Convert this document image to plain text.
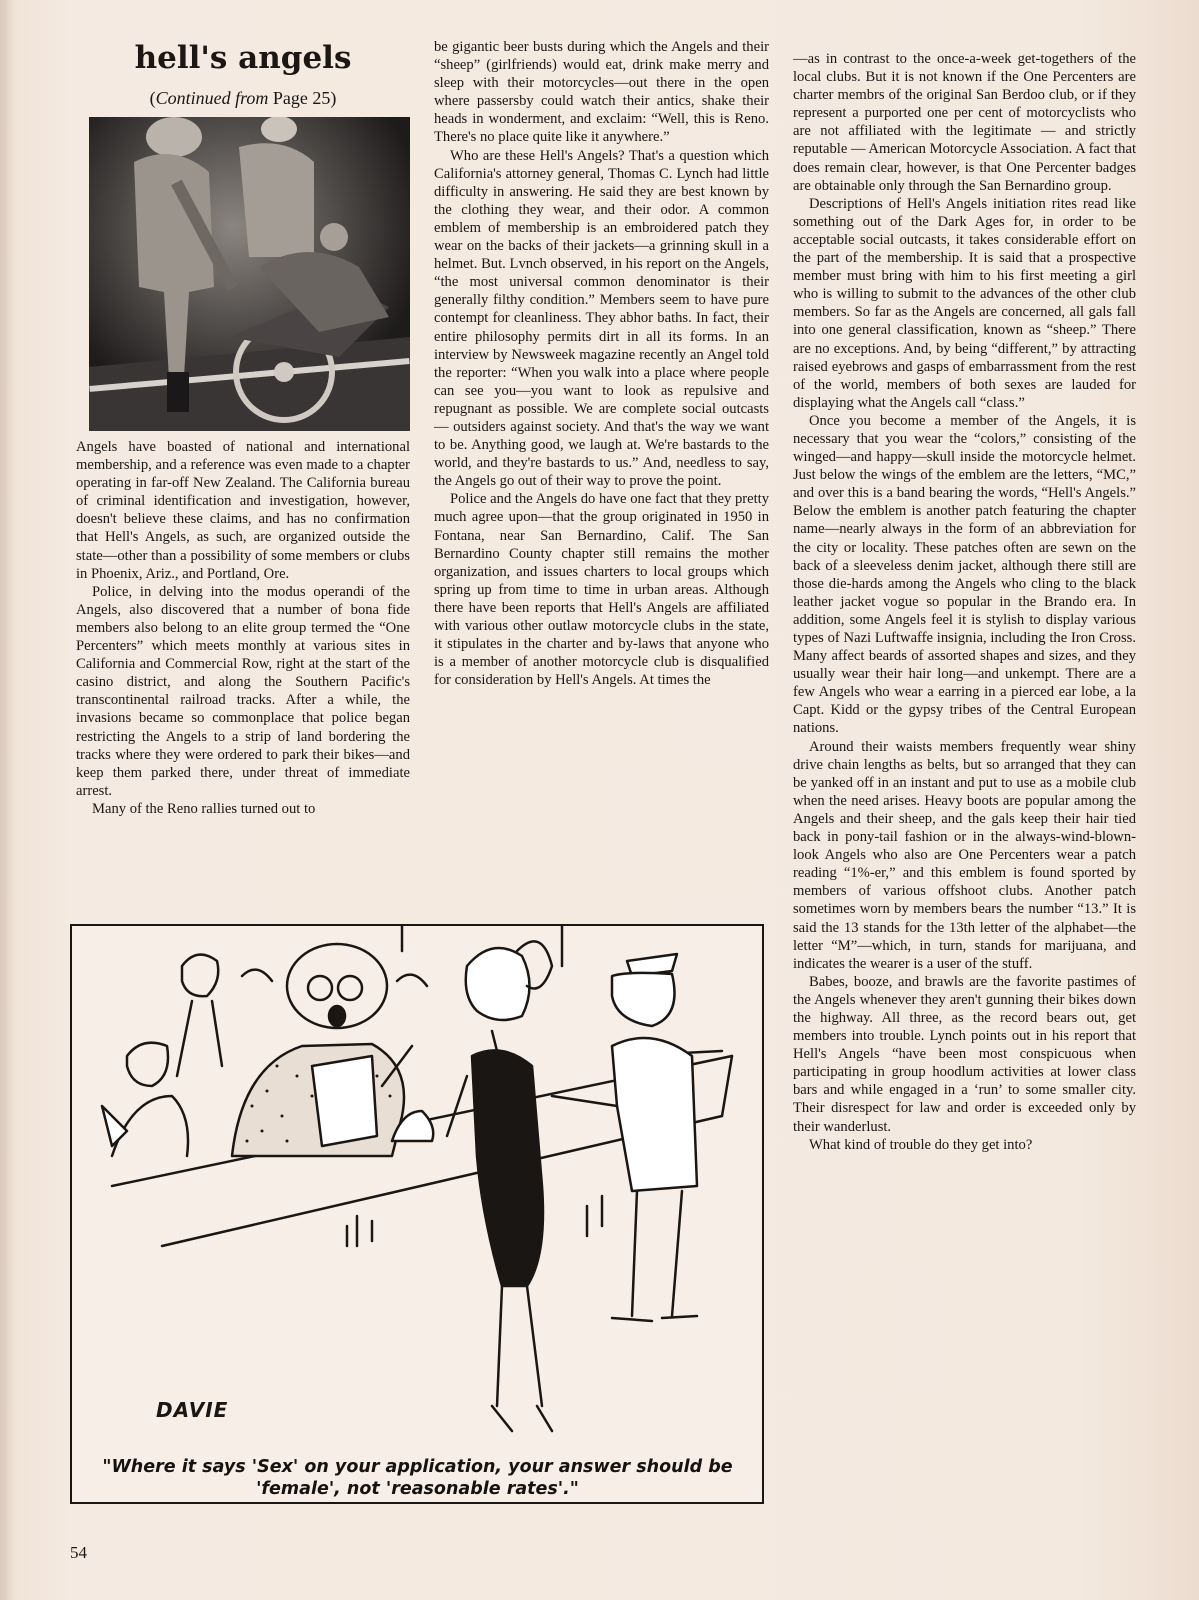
hell's angels
(Continued from Page 25)

Angels have boasted of national and international membership, and a reference was even made to a chapter operating in far-off New Zealand. The California bureau of criminal identification and investigation, however, doesn't believe these claims, and has no confirmation that Hell's Angels, as such, are organized outside the state—other than a possibility of some members or clubs in Phoenix, Ariz., and Portland, Ore.

Police, in delving into the modus operandi of the Angels, also discovered that a number of bona fide members also belong to an elite group termed the “One Percenters” which meets monthly at various sites in California and Commercial Row, right at the start of the casino district, and along the Southern Pacific's transcontinental railroad tracks. After a while, the invasions became so commonplace that police began restricting the Angels to a strip of land bordering the tracks where they were ordered to park their bikes—and keep them parked there, under threat of immediate arrest.

Many of the Reno rallies turned out to

be gigantic beer busts during which the Angels and their “sheep” (girlfriends) would eat, drink make merry and sleep with their motorcycles—out there in the open where passersby could watch their antics, shake their heads in wonderment, and exclaim: “Well, this is Reno. There's no place quite like it anywhere.”

Who are these Hell's Angels? That's a question which California's attorney general, Thomas C. Lynch had little difficulty in answering. He said they are best known by the clothing they wear, and their odor. A common emblem of membership is an embroidered patch they wear on the backs of their jackets—a grinning skull in a helmet. But. Lvnch observed, in his report on the Angels, “the most universal common denominator is their generally filthy condition.” Members seem to have pure contempt for cleanliness. They abhor baths. In fact, their entire philosophy permits dirt in all its forms. In an interview by Newsweek magazine recently an Angel told the reporter: “When you walk into a place where people can see you—you want to look as repulsive and repugnant as possible. We are complete social outcasts — outsiders against society. And that's the way we want to be. Anything good, we laugh at. We're bastards to the world, and they're bastards to us.” And, needless to say, the Angels go out of their way to prove the point.

Police and the Angels do have one fact that they pretty much agree upon—that the group originated in 1950 in Fontana, near San Bernardino, Calif. The San Bernardino County chapter still remains the mother organization, and issues charters to local groups which spring up from time to time in urban areas. Although there have been reports that Hell's Angels are affiliated with various other outlaw motorcycle clubs in the state, it stipulates in the charter and by-laws that anyone who is a member of another motorcycle club is disqualified for consideration by Hell's Angels. At times the

—as in contrast to the once-a-week get-togethers of the local clubs. But it is not known if the One Percenters are charter membrs of the original San Berdoo club, or if they represent a purported one per cent of motorcyclists who are not affiliated with the legitimate — and strictly reputable — American Motorcycle Association. A fact that does remain clear, however, is that One Percenter badges are obtainable only through the San Bernardino group.

Descriptions of Hell's Angels initiation rites read like something out of the Dark Ages for, in order to be acceptable social outcasts, it takes considerable effort on the part of the membership. It is said that a prospective member must bring with him to his first meeting a girl who is willing to submit to the advances of the other club members. So far as the Angels are concerned, all gals fall into one general classification, known as “sheep.” There are no exceptions. And, by being “different,” by attracting raised eyebrows and gasps of embarrassment from the rest of the world, members of both sexes are lauded for displaying what the Angels call “class.”

Once you become a member of the Angels, it is necessary that you wear the “colors,” consisting of the winged—and happy—skull inside the motorcycle helmet. Just below the wings of the emblem are the letters, “MC,” and over this is a band bearing the words, “Hell's Angels.” Below the emblem is another patch featuring the chapter name—nearly always in the form of an abbreviation for the city or locality. These patches often are sewn on the back of a sleeveless denim jacket, although there still are those die-hards among the Angels who cling to the black leather jacket vogue so popular in the Brando era. In addition, some Angels feel it is stylish to display various types of Nazi Luftwaffe insignia, including the Iron Cross. Many affect beards of assorted shapes and sizes, and they usually wear their hair long—and unkempt. There are a few Angels who wear a earring in a pierced ear lobe, a la Capt. Kidd or the gypsy tribes of the Central European nations.

Around their waists members frequently wear shiny drive chain lengths as belts, but so arranged that they can be yanked off in an instant and put to use as a mobile club when the need arises. Heavy boots are popular among the Angels and their sheep, and the gals keep their hair tied back in pony-tail fashion or in the always-wind-blown-look Angels who also are One Percenters wear a patch reading “1%-er,” and this emblem is found sported by members of various offshoot clubs. Another patch sometimes worn by members bears the number “13.” It is said the 13 stands for the 13th letter of the alphabet—the letter “M”—which, in turn, stands for marijuana, and indicates the wearer is a user of the stuff.

Babes, booze, and brawls are the favorite pastimes of the Angels whenever they aren't gunning their bikes down the highway. All three, as the record bears out, get members into trouble. Lynch points out in his report that Hell's Angels “have been most conspicuous when participating in group hoodlum activities at lower class bars and while engaged in a ‘run’ to some smaller city. Their disrespect for law and order is exceeded only by their wanderlust.

What kind of trouble do they get into?

DAVIE
"Where it says 'Sex' on your application, your answer should be
'female', not 'reasonable rates'."
54
